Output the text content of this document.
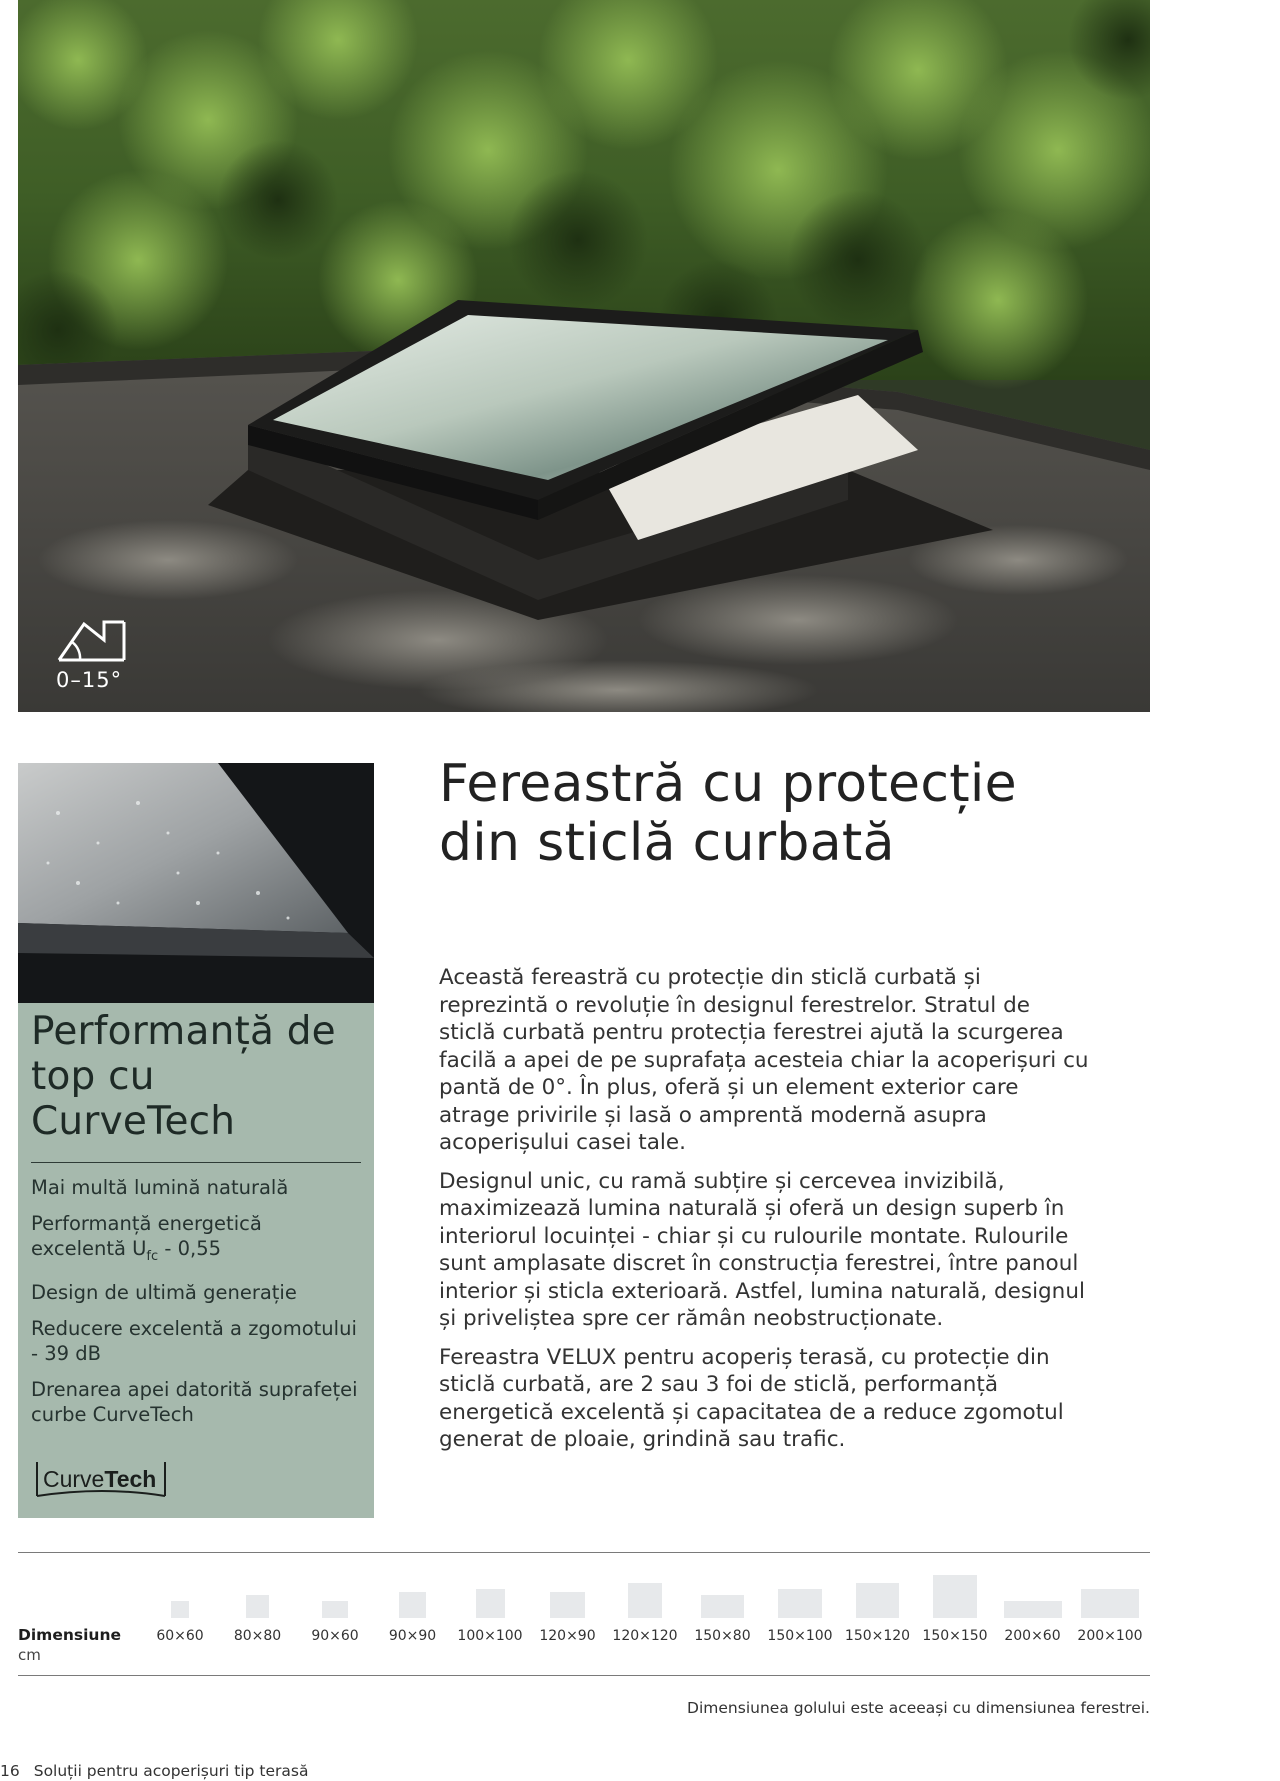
0–15°
Performanță de top cu CurveTech
Mai multă lumină naturală
Performanță energetică excelentă $U_{fc} - 0,55$
Design de ultimă generație
Reducere excelentă a zgomotului - 39 dB
Drenarea apei datorită suprafeței curbe CurveTech
CurveTech
Fereastră cu protecție din sticlă curbată

Această fereastră cu protecție din sticlă curbată și reprezintă o revoluție în designul ferestrelor. Stratul de sticlă curbată pentru protecția ferestrei ajută la scurgerea facilă a apei de pe suprafața acesteia chiar la acoperișuri cu pantă de 0°. În plus, oferă și un element exterior care atrage privirile și lasă o amprentă modernă asupra acoperișului casei tale.

Designul unic, cu ramă subțire și cercevea invizibilă, maximizează lumina naturală și oferă un design superb în interiorul locuinței - chiar și cu rulourile montate. Rulourile sunt amplasate discret în construcția ferestrei, între panoul interior și sticla exterioară. Astfel, lumina naturală, designul și priveliștea spre cer rămân neobstrucționate.

Fereastra VELUX pentru acoperiș terasă, cu protecție din sticlă curbată, are 2 sau 3 foi de sticlă, performanță energetică excelentă și capacitatea de a reduce zgomotul generat de ploaie, grindină sau trafic.

Dimensiune
cm
60×60	80×80	90×60	90×90	100×100	120×90	120×120	150×80	150×100 150×120 150×150	200×60	200×100
Dimensiunea golului este aceeași cu dimensiunea ferestrei.
16 Soluții pentru acoperișuri tip terasă
